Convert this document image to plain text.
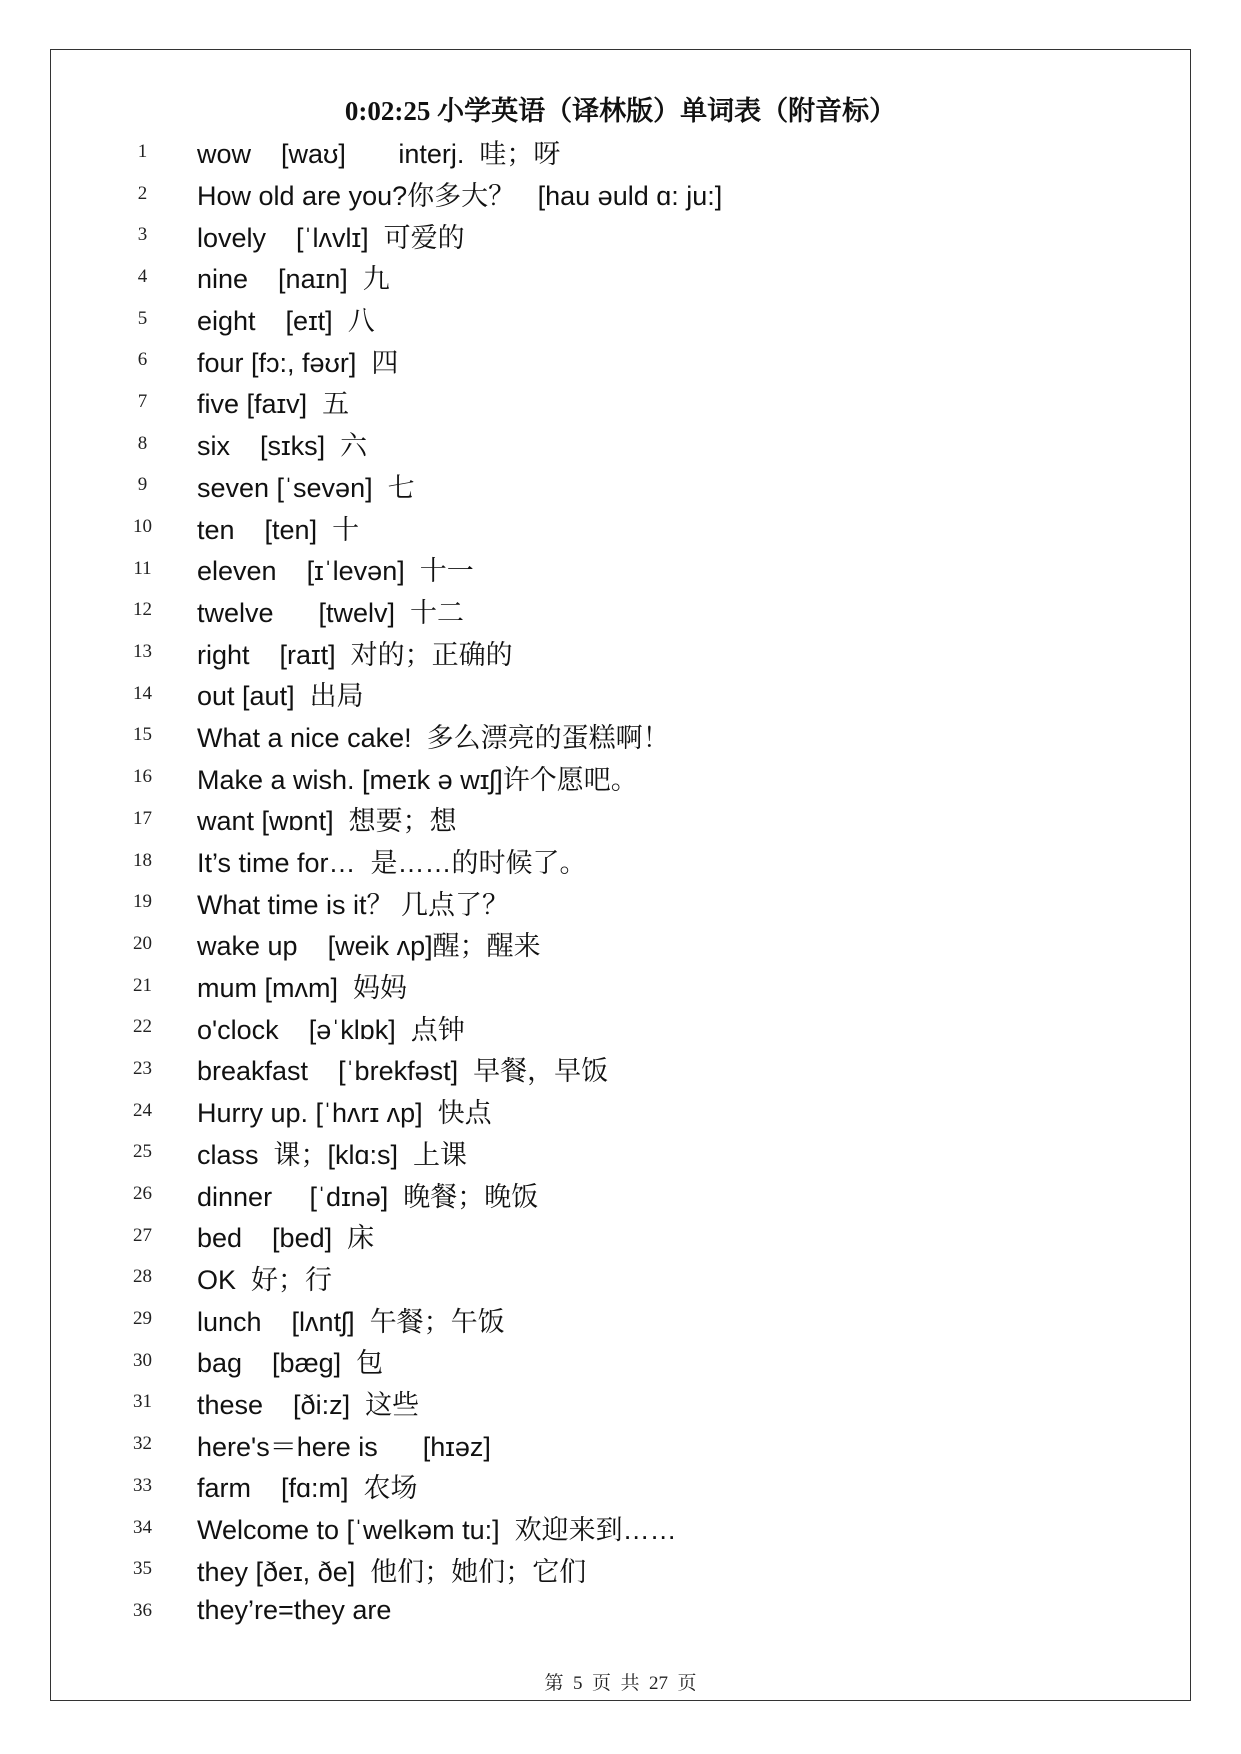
0:02:25 小学英语（译林版）单词表（附音标）
1	wow    [waʊ]       interj.  哇；呀
2	How old are you?你多大？   [hau əuld ɑ: ju:]
3	lovely    [ˈlʌvlɪ]  可爱的
4	nine    [naɪn]  九
5	eight    [eɪt]  八
6	four [fɔ:, fəʊr]  四
7	five [faɪv]  五
8	six    [sɪks]  六
9	seven [ˈsevən]  七
10	ten    [ten]  十
11	eleven    [ɪˈlevən]  十一
12	twelve      [twelv]  十二
13	right    [raɪt]  对的；正确的
14	out [aut]  出局
15	What a nice cake!  多么漂亮的蛋糕啊！
16	Make a wish. [meɪk ə wɪʃ]许个愿吧。
17	want [wɒnt]  想要；想
18	It’s time for…  是……的时候了。
19	What time is it？ 几点了？
20	wake up    [weik ʌp]醒；醒来
21	mum [mʌm]  妈妈
22	o'clock    [əˈklɒk]  点钟
23	breakfast    [ˈbrekfəst]  早餐，早饭
24	Hurry up. [ˈhʌrɪ ʌp]  快点
25	class  课；[klɑ:s]  上课
26	dinner     [ˈdɪnə]  晚餐；晚饭
27	bed    [bed]  床
28	OK  好；行
29	lunch    [lʌntʃ]  午餐；午饭
30	bag    [bæg]  包
31	these    [ði:z]  这些
32	here's＝here is      [hɪəz]
33	farm    [fɑ:m]  农场
34	Welcome to [ˈwelkəm tu:]  欢迎来到……
35	they [ðeɪ, ðe]  他们；她们；它们
36	they’re=they are
第  5  页  共  27  页
